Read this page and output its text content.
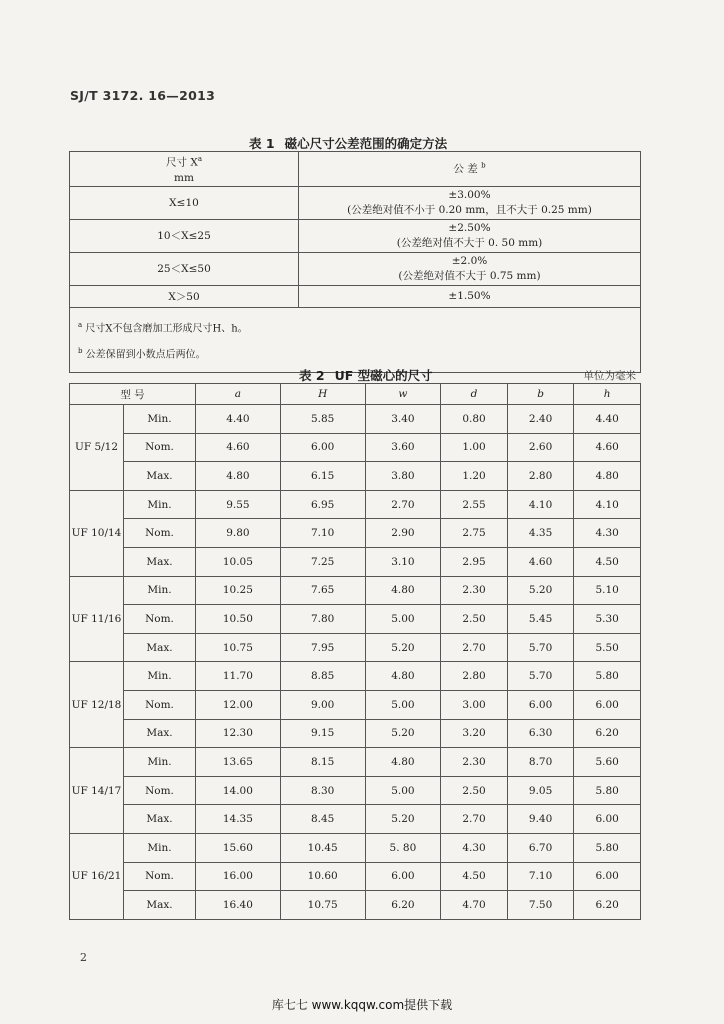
SJ/T 3172. 16—2013
表 1 磁心尺寸公差范围的确定方法
尺寸 $X^a$
mm	公 差 $^b$
X≤10	±3.00%
(公差绝对值不小于 0.20 mm，且不大于 0.25 mm)
10＜X≤25	±2.50%
(公差绝对值不大于 0. 50 mm)
25＜X≤50	±2.0%
(公差绝对值不大于 0.75 mm)
X＞50	±1.50%
$^a$ 尺寸X不包含磨加工形成尺寸H、h。
$^b$ 公差保留到小数点后两位。	
表 2 UF 型磁心的尺寸	单位为毫米
型 号		a	H	w	d	b	h
UF 5/12	Min.	4.40	5.85	3.40	0.80	2.40	4.40
	Nom.	4.60	6.00	3.60	1.00	2.60	4.60
	Max.	4.80	6.15	3.80	1.20	2.80	4.80
UF 10/14	Min.	9.55	6.95	2.70	2.55	4.10	4.10
	Nom.	9.80	7.10	2.90	2.75	4.35	4.30
	Max.	10.05	7.25	3.10	2.95	4.60	4.50
UF 11/16	Min.	10.25	7.65	4.80	2.30	5.20	5.10
	Nom.	10.50	7.80	5.00	2.50	5.45	5.30
	Max.	10.75	7.95	5.20	2.70	5.70	5.50
UF 12/18	Min.	11.70	8.85	4.80	2.80	5.70	5.80
	Nom.	12.00	9.00	5.00	3.00	6.00	6.00
	Max.	12.30	9.15	5.20	3.20	6.30	6.20
UF 14/17	Min.	13.65	8.15	4.80	2.30	8.70	5.60
	Nom.	14.00	8.30	5.00	2.50	9.05	5.80
	Max.	14.35	8.45	5.20	2.70	9.40	6.00
UF 16/21	Min.	15.60	10.45	5. 80	4.30	6.70	5.80
	Nom.	16.00	10.60	6.00	4.50	7.10	6.00
	Max.	16.40	10.75	6.20	4.70	7.50	6.20
2
库七七 www.kqqw.com提供下载
